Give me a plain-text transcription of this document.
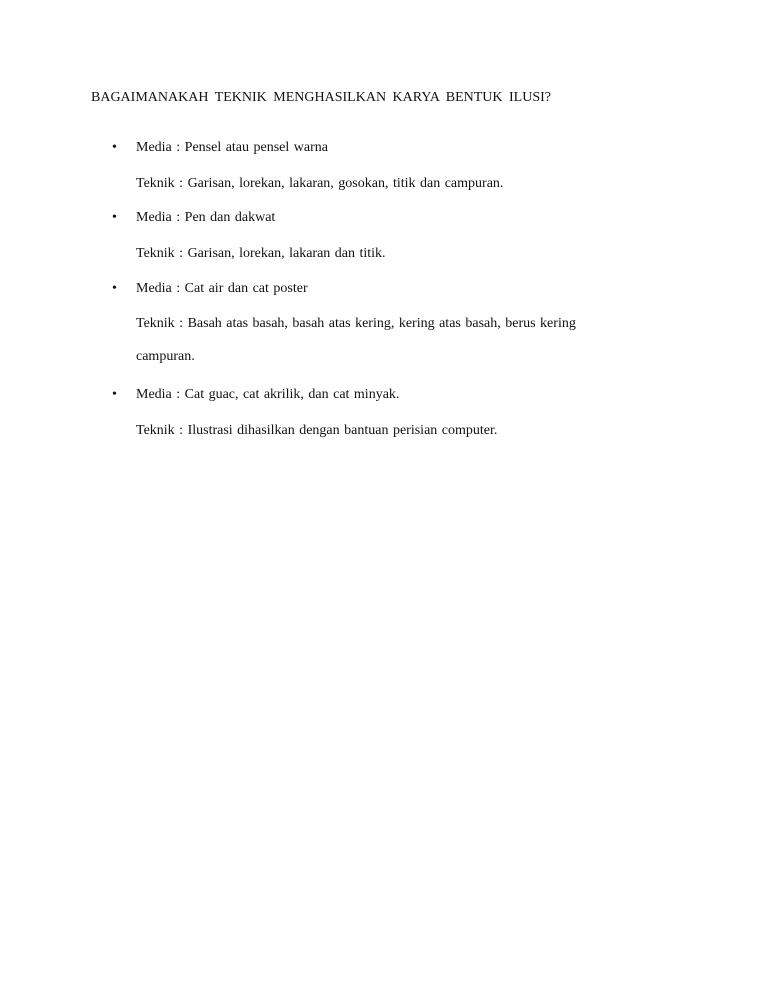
BAGAIMANAKAH TEKNIK MENGHASILKAN KARYA BENTUK ILUSI?
• Media : Pensel atau pensel warna
Teknik : Garisan, lorekan, lakaran, gosokan, titik dan campuran.
• Media : Pen dan dakwat
Teknik : Garisan, lorekan, lakaran dan titik.
• Media : Cat air dan cat poster
Teknik : Basah atas basah, basah atas kering, kering atas basah, berus kering
campuran.
• Media : Cat guac, cat akrilik, dan cat minyak.
Teknik : Ilustrasi dihasilkan dengan bantuan perisian computer.
